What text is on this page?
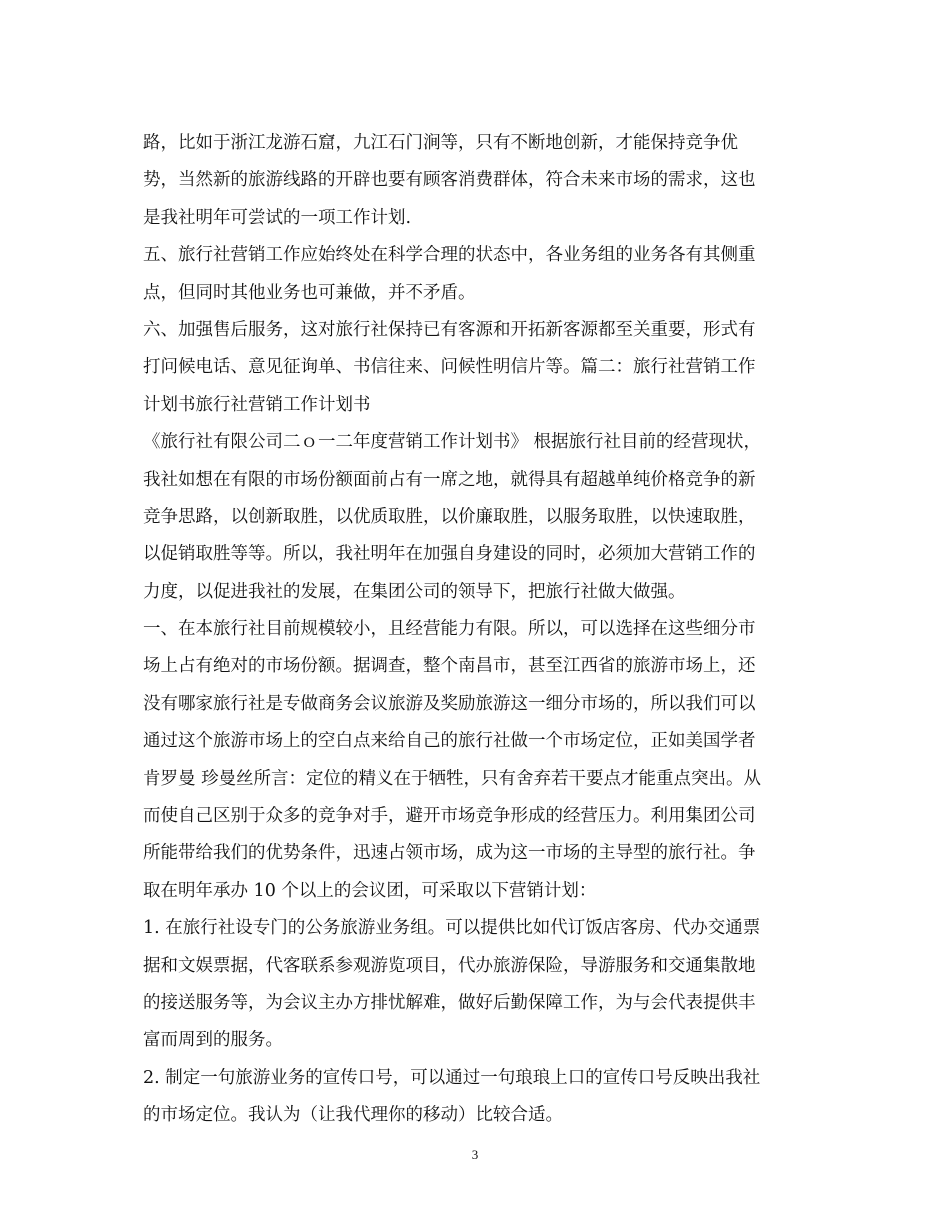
路，比如于浙江龙游石窟，九江石门涧等，只有不断地创新，才能保持竞争优
势，当然新的旅游线路的开辟也要有顾客消费群体，符合未来市场的需求，这也
是我社明年可尝试的一项工作计划.
五、旅行社营销工作应始终处在科学合理的状态中，各业务组的业务各有其侧重
点，但同时其他业务也可兼做，并不矛盾。
六、加强售后服务，这对旅行社保持已有客源和开拓新客源都至关重要，形式有
打问候电话、意见征询单、书信往来、问候性明信片等。篇二：旅行社营销工作
计划书旅行社营销工作计划书
《旅行社有限公司二ｏ一二年度营销工作计划书》 根据旅行社目前的经营现状，
我社如想在有限的市场份额面前占有一席之地，就得具有超越单纯价格竞争的新
竞争思路，以创新取胜，以优质取胜，以价廉取胜，以服务取胜，以快速取胜，
以促销取胜等等。所以，我社明年在加强自身建设的同时，必须加大营销工作的
力度，以促进我社的发展，在集团公司的领导下，把旅行社做大做强。
一、在本旅行社目前规模较小，且经营能力有限。所以，可以选择在这些细分市
场上占有绝对的市场份额。据调查，整个南昌市，甚至江西省的旅游市场上，还
没有哪家旅行社是专做商务会议旅游及奖励旅游这一细分市场的，所以我们可以
通过这个旅游市场上的空白点来给自己的旅行社做一个市场定位，正如美国学者
肯罗曼 珍曼丝所言：定位的精义在于牺牲，只有舍弃若干要点才能重点突出。从
而使自己区别于众多的竞争对手，避开市场竞争形成的经营压力。利用集团公司
所能带给我们的优势条件，迅速占领市场，成为这一市场的主导型的旅行社。争
取在明年承办 10 个以上的会议团，可采取以下营销计划：
1. 在旅行社设专门的公务旅游业务组。可以提供比如代订饭店客房、代办交通票
据和文娱票据，代客联系参观游览项目，代办旅游保险，导游服务和交通集散地
的接送服务等，为会议主办方排忧解难，做好后勤保障工作，为与会代表提供丰
富而周到的服务。
2. 制定一句旅游业务的宣传口号，可以通过一句琅琅上口的宣传口号反映出我社
的市场定位。我认为（让我代理你的移动）比较合适。
3
